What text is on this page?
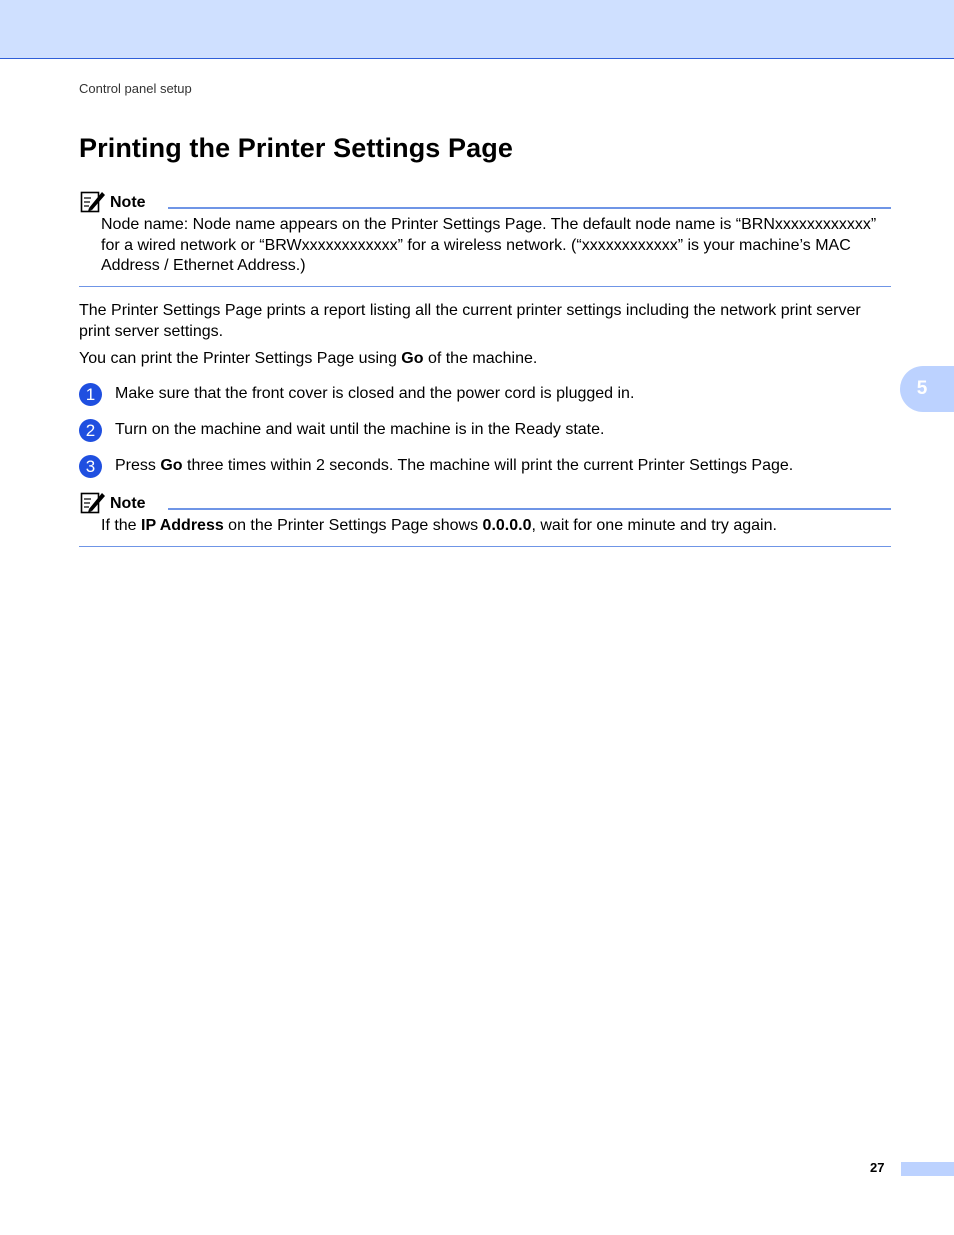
Control panel setup
Printing the Printer Settings Page
Note
Node name: Node name appears on the Printer Settings Page. The default node name is “BRNxxxxxxxxxxxx” for a wired network or “BRWxxxxxxxxxxxx” for a wireless network. (“xxxxxxxxxxxx” is your machine’s MAC Address / Ethernet Address.)

The Printer Settings Page prints a report listing all the current printer settings including the network print server print server settings.

You can print the Printer Settings Page using Go of the machine.

1	Make sure that the front cover is closed and the power cord is plugged in.
2	Turn on the machine and wait until the machine is in the Ready state.
3	Press Go three times within 2 seconds. The machine will print the current Printer Settings Page.
Note
If the IP Address on the Printer Settings Page shows 0.0.0.0, wait for one minute and try again.
5
27
